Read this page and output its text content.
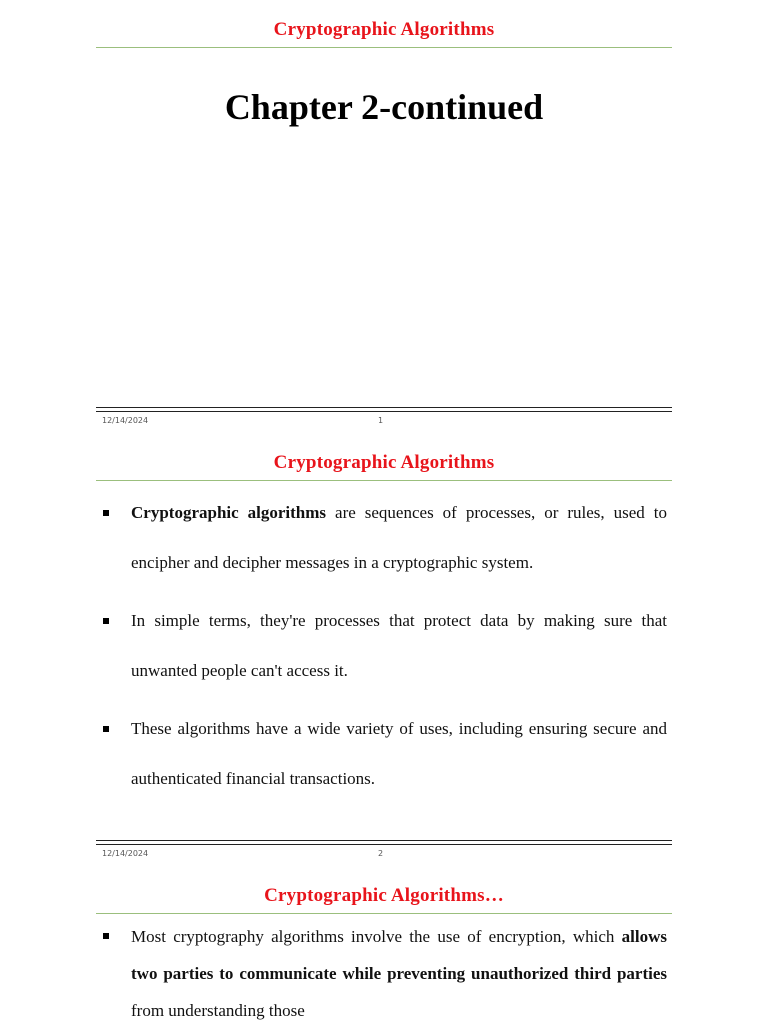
Cryptographic Algorithms
Chapter 2-continued
12/14/2024	1
Cryptographic Algorithms
Cryptographic algorithms are sequences of processes, or rules, used to encipher and decipher messages in a cryptographic system.
In simple terms, they're processes that protect data by making sure that unwanted people can't access it.
These algorithms have a wide variety of uses, including ensuring secure and authenticated financial transactions.
12/14/2024	2
Cryptographic Algorithms…
Most cryptography algorithms involve the use of encryption, which allows two parties to communicate while preventing unauthorized third parties from understanding those
